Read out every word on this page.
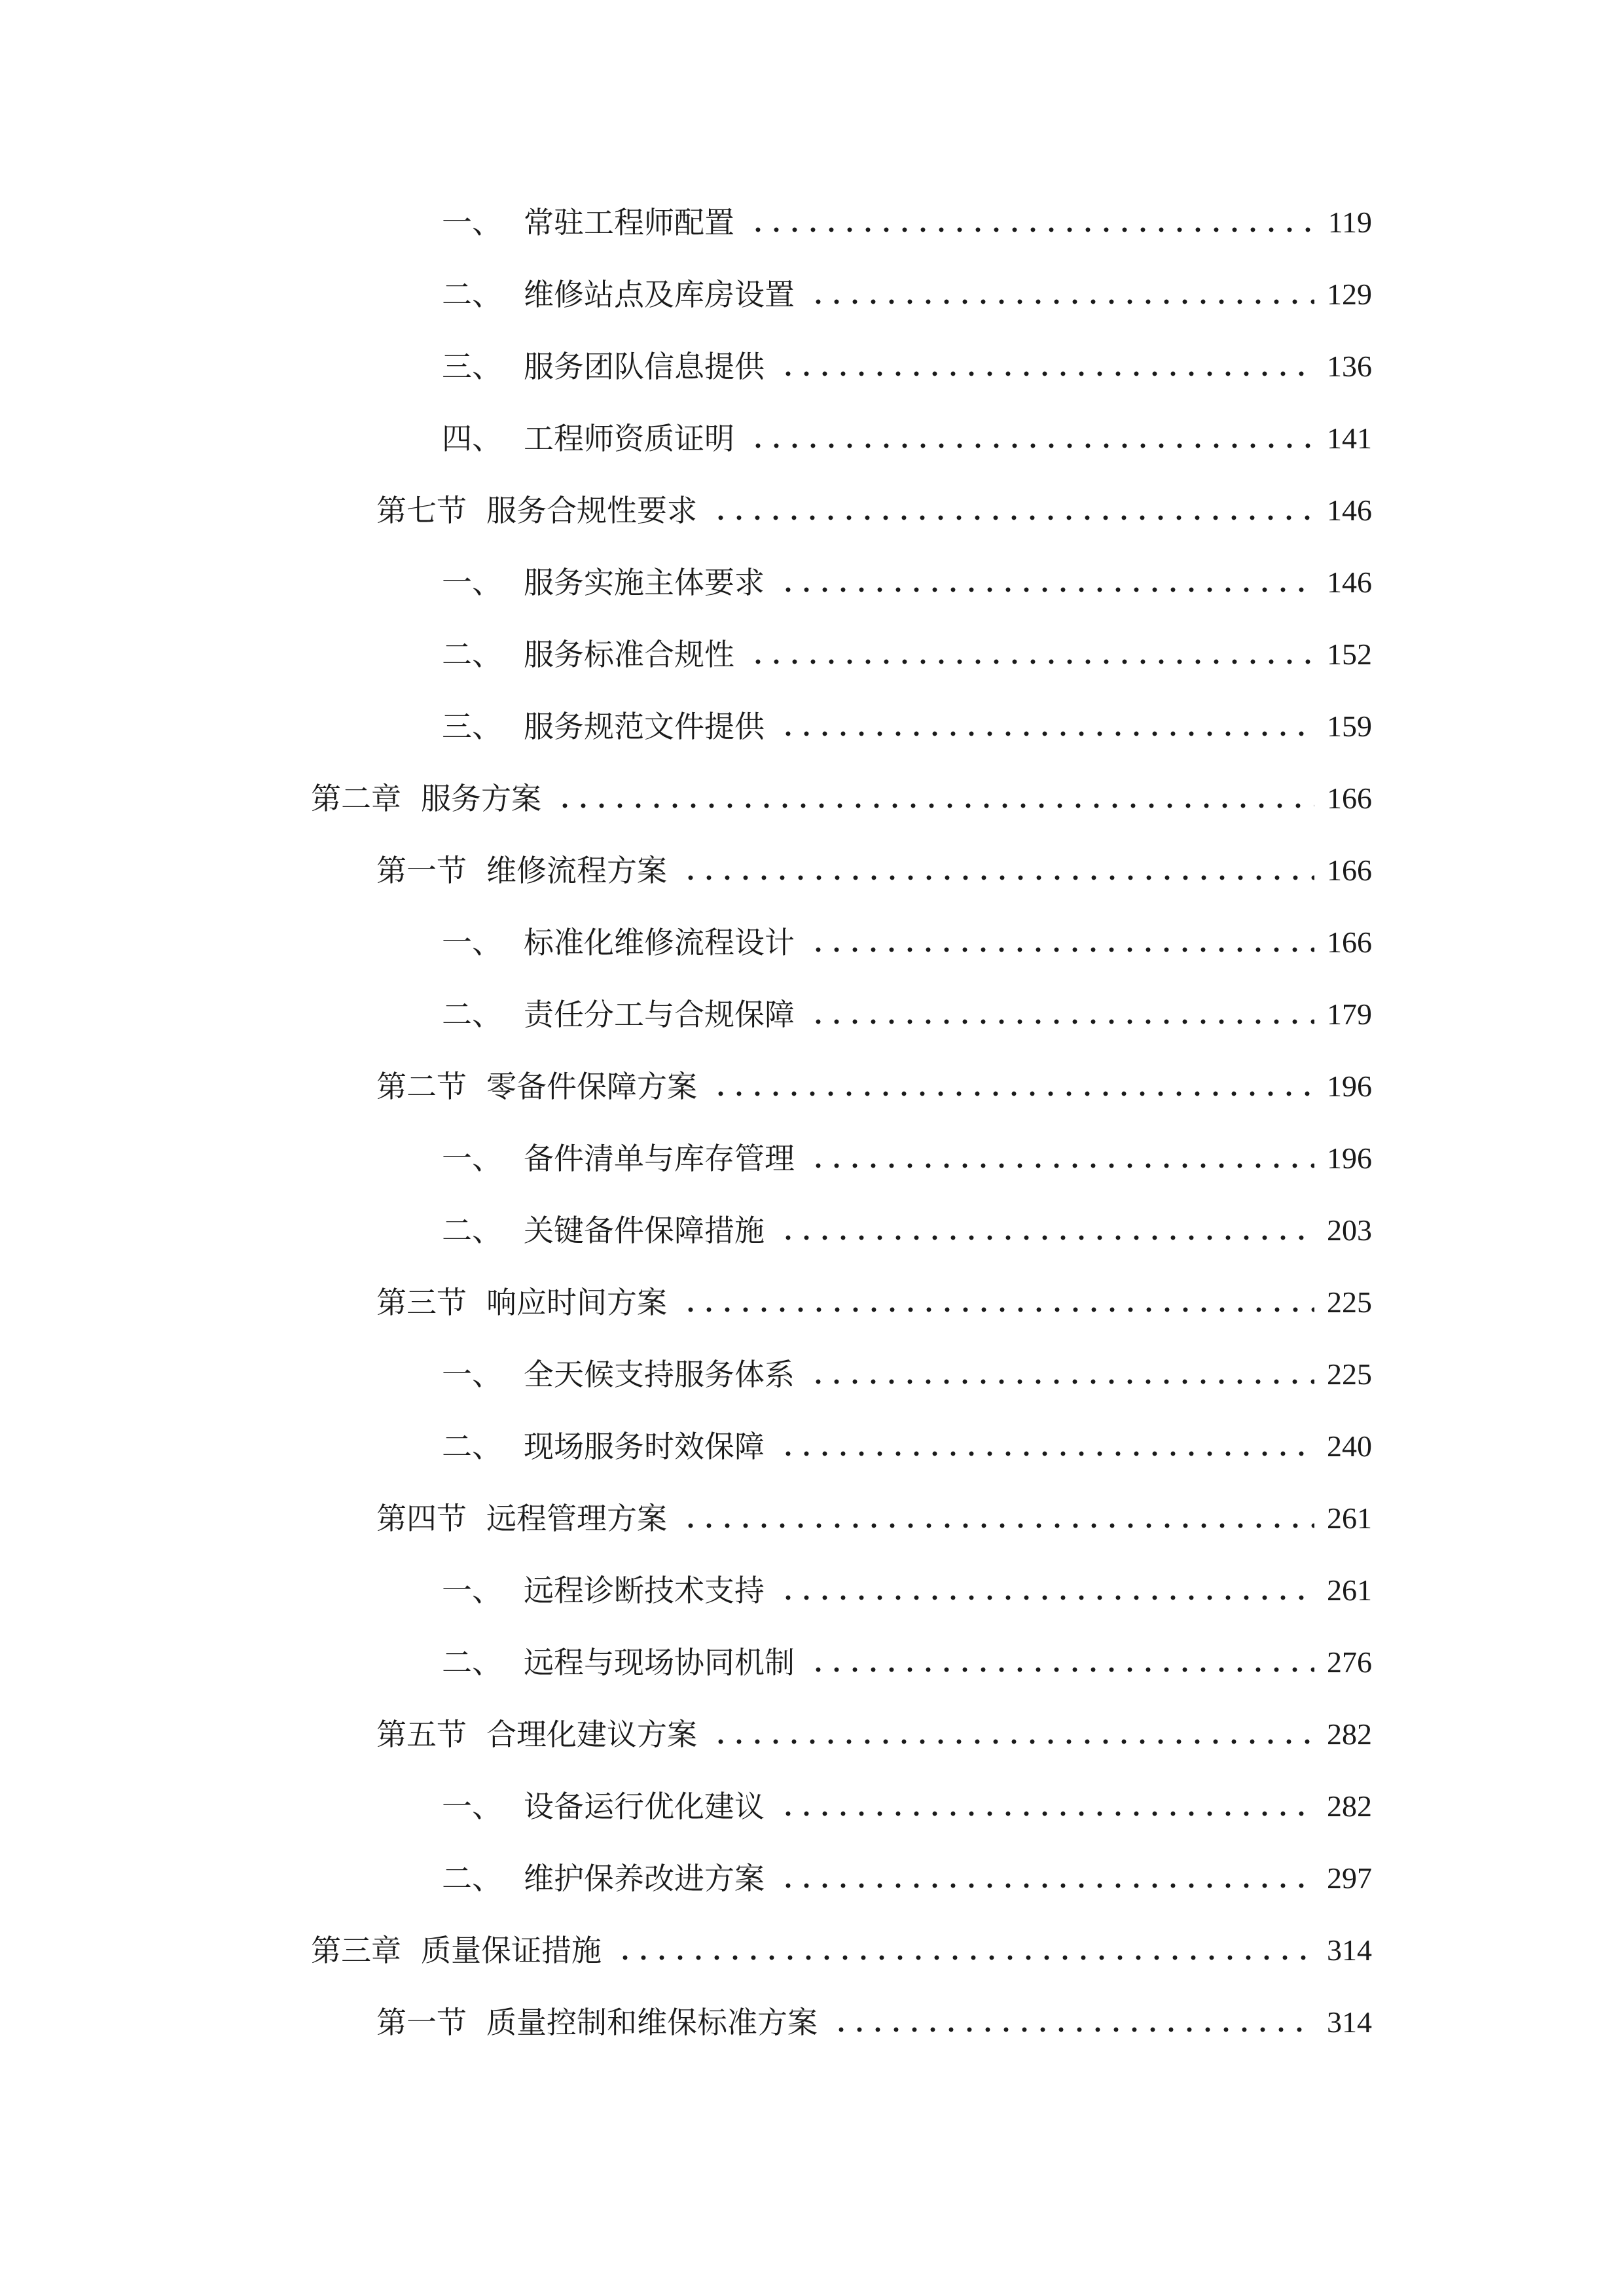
一、 常驻工程师配置	119
二、 维修站点及库房设置	129
三、 服务团队信息提供	136
四、 工程师资质证明	141
第七节 服务合规性要求	146
一、 服务实施主体要求	146
二、 服务标准合规性	152
三、 服务规范文件提供	159
第二章 服务方案	166
第一节 维修流程方案	166
一、 标准化维修流程设计	166
二、 责任分工与合规保障	179
第二节 零备件保障方案	196
一、 备件清单与库存管理	196
二、 关键备件保障措施	203
第三节 响应时间方案	225
一、 全天候支持服务体系	225
二、 现场服务时效保障	240
第四节 远程管理方案	261
一、 远程诊断技术支持	261
二、 远程与现场协同机制	276
第五节 合理化建议方案	282
一、 设备运行优化建议	282
二、 维护保养改进方案	297
第三章 质量保证措施	314
第一节 质量控制和维保标准方案	314
